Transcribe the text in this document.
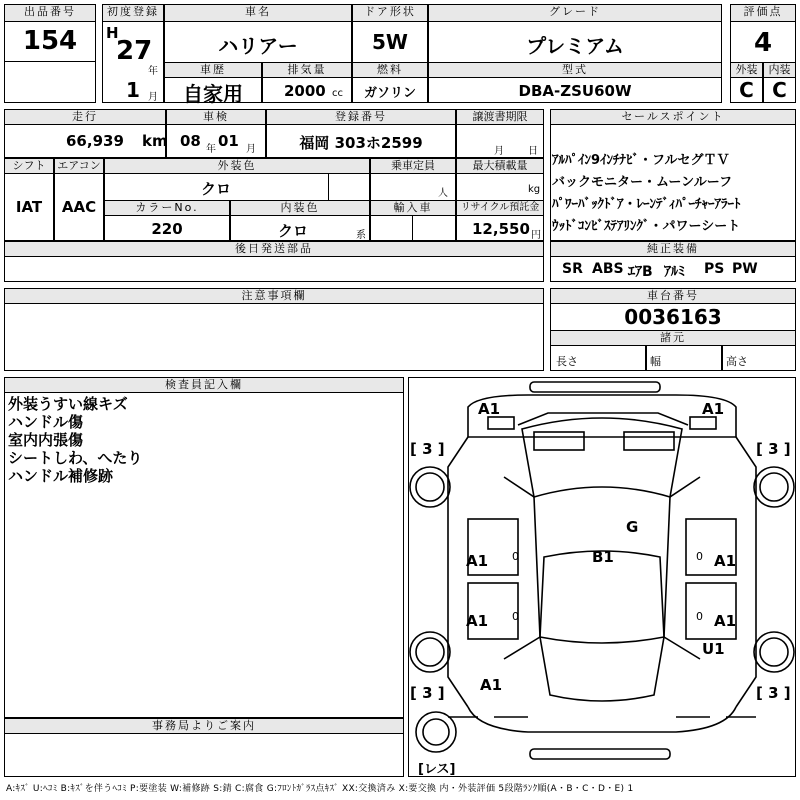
出品番号
154
初度登録
H
27
年
1 月
車名
ハリアー
ドア形状
5W
グレード
プレミアム
評価点
4
車歴
自家用
排気量
2000 cc
燃料
ガソリン
型式
DBA-ZSU60W
外装	内装
C C
走行
66,939 km
車検
08 年 01 月
登録番号
福岡 303ホ2599
譲渡書期限
月 日
シフト	エアコン
IAT	AAC
外装色
クロ
乗車定員
人
最大積載量
kg
カラーNo.
220
内装色
クロ	系
輸入車	リサイクル預託金
12,550 円
後日発送部品
セールスポイント
ｱﾙﾊﾟｲﾝ9ｲﾝﾁﾅﾋﾞ・フルセグＴＶ
バックモニター・ムーンルーフ
ﾊﾟﾜｰﾊﾞｯｸﾄﾞｱ・ﾚｰﾝﾃﾞｨﾊﾟｰﾁｬｰｱﾗｰﾄ
ｳｯﾄﾞｺﾝﾋﾞｽﾃｱﾘﾝｸﾞ・パワーシート
純正装備
SR ABS ｴｱB ｱﾙﾐ PS PW
注意事項欄	車台番号
0036163
諸元
長さ	幅	高さ
検査員記入欄
外装うすい線キズ
ハンドル傷
室内内張傷
シートしわ、へたり
ハンドル補修跡
事務局よりご案内
A1	A1
G
B1
A1	A1
A1	A1
U1
A1
0	0
0	0
[ 3 ]	[ 3 ]
[ 3 ]	[ 3 ]
[レス]
A:ｷｽﾞ U:ﾍｺﾐ B:ｷｽﾞを伴うﾍｺﾐ P:要塗装 W:補修跡 S:錆 C:腐食 G:ﾌﾛﾝﾄｶﾞﾗｽ点ｷｽﾞ XX:交換済み X:要交換 内・外装評価 5段階ﾗﾝｸ順(A・B・C・D・E) 1
